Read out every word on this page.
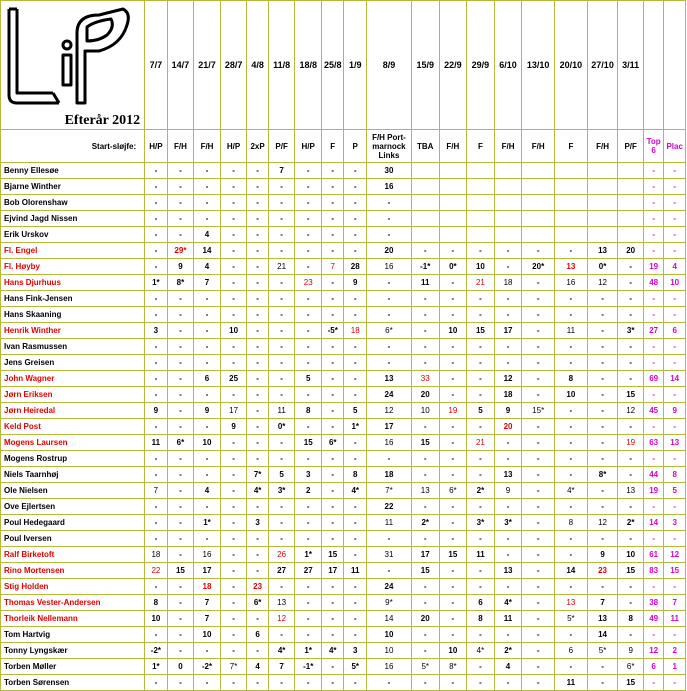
Efterår 2012	7/7	14/7	21/7	28/7	4/8	11/8	18/8	25/8	1/9	8/9	15/9	22/9	29/9	6/10	13/10	20/10	27/10	3/11		
Start-sløjfe:	H/P	F/H	F/H	H/P	2xP	P/F	H/P	F	P	F/H Port-marnock Links	TBA	F/H	F	F/H	F/H	F	F/H	P/F	Top 6	Plac
Benny Ellesøe	-	-	-	-	-	7	-	-	-	30									-	-
Bjarne Winther	-	-	-	-	-	-	-	-	-	16									-	-
Bob Olorenshaw	-	-	-	-	-	-	-	-	-	-									-	-
Ejvind Jagd Nissen	-	-	-	-	-	-	-	-	-	-									-	-
Erik Urskov	-	-	4	-	-	-	-	-	-	-									-	-
Fl. Engel	-	29*	14	-	-	-	-	-	-	20	-	-	-	-	-	-	13	20	-	-
Fl. Høyby	-	9	4	-	-	21	-	7	28	16	-1*	0*	10	-	20*	13	0*	-	19	4
Hans Djurhuus	1*	8*	7	-	-	-	23	-	9	-	11	-	21	18	-	16	12	-	48	10
Hans Fink-Jensen	-	-	-	-	-	-	-	-	-	-	-	-	-	-	-	-	-	-	-	-
Hans Skaaning	-	-	-	-	-	-	-	-	-	-	-	-	-	-	-	-	-	-	-	-
Henrik Winther	3	-	-	10	-	-	-	-5*	18	6*	-	10	15	17	-	11	-	3*	27	6
Ivan Rasmussen	-	-	-	-	-	-	-	-	-	-	-	-	-	-	-	-	-	-	-	-
Jens Greisen	-	-	-	-	-	-	-	-	-	-	-	-	-	-	-	-	-	-	-	-
John Wagner	-	-	6	25	-	-	5	-	-	13	33	-	-	12	-	8	-	-	69	14
Jørn Eriksen	-	-	-	-	-	-	-	-	-	24	20	-	-	18	-	10	-	15	-	-
Jørn Heiredal	9	-	9	17	-	11	8	-	5	12	10	19	5	9	15*	-	-	12	45	9
Keld Post	-	-	-	9	-	0*	-	-	1*	17	-	-	-	20	-	-	-	-	-	-
Mogens Laursen	11	6*	10	-	-	-	15	6*	-	16	15	-	21	-	-	-	-	19	63	13
Mogens Rostrup	-	-	-	-	-	-	-	-	-	-	-	-	-	-	-	-	-	-	-	-
Niels Taarnhøj	-	-	-	-	7*	5	3	-	8	18	-	-	-	13	-	-	8*	-	44	8
Ole Nielsen	7	-	4	-	4*	3*	2	-	4*	7*	13	6*	2*	9	-	4*	-	13	19	5
Ove Ejlertsen	-	-	-	-	-	-	-	-	-	22	-	-	-	-	-	-	-	-	-	-
Poul Hedegaard	-	-	1*	-	3	-	-	-	-	11	2*	-	3*	3*	-	8	12	2*	14	3
Poul Iversen	-	-	-	-	-	-	-	-	-	-	-	-	-	-	-	-	-	-	-	-
Ralf Birketoft	18	-	16	-	-	26	1*	15	-	31	17	15	11	-	-	-	9	10	61	12
Rino Mortensen	22	15	17	-	-	27	27	17	11	-	15	-	-	13	-	14	23	15	83	15
Stig Holden	-	-	18	-	23	-	-	-	-	24	-	-	-	-	-	-	-	-	-	-
Thomas Vester-Andersen	8	-	7	-	6*	13	-	-	-	9*	-	-	6	4*	-	13	7	-	38	7
Thorleik Nellemann	10	-	7	-	-	12	-	-	-	14	20	-	8	11	-	5*	13	8	49	11
Tom Hartvig	-	-	10	-	6	-	-	-	-	10	-	-	-	-	-	-	14	-	-	-
Tonny Lyngskær	-2*	-	-	-	-	4*	1*	4*	3	10	-	10	4*	2*	-	6	5*	9	12	2
Torben Møller	1*	0	-2*	7*	4	7	-1*	-	5*	16	5*	8*	-	4	-	-	-	6*	6	1
Torben Sørensen	-	-	-	-	-	-	-	-	-	-	-	-	-	-	-	11	-	15	-	-
